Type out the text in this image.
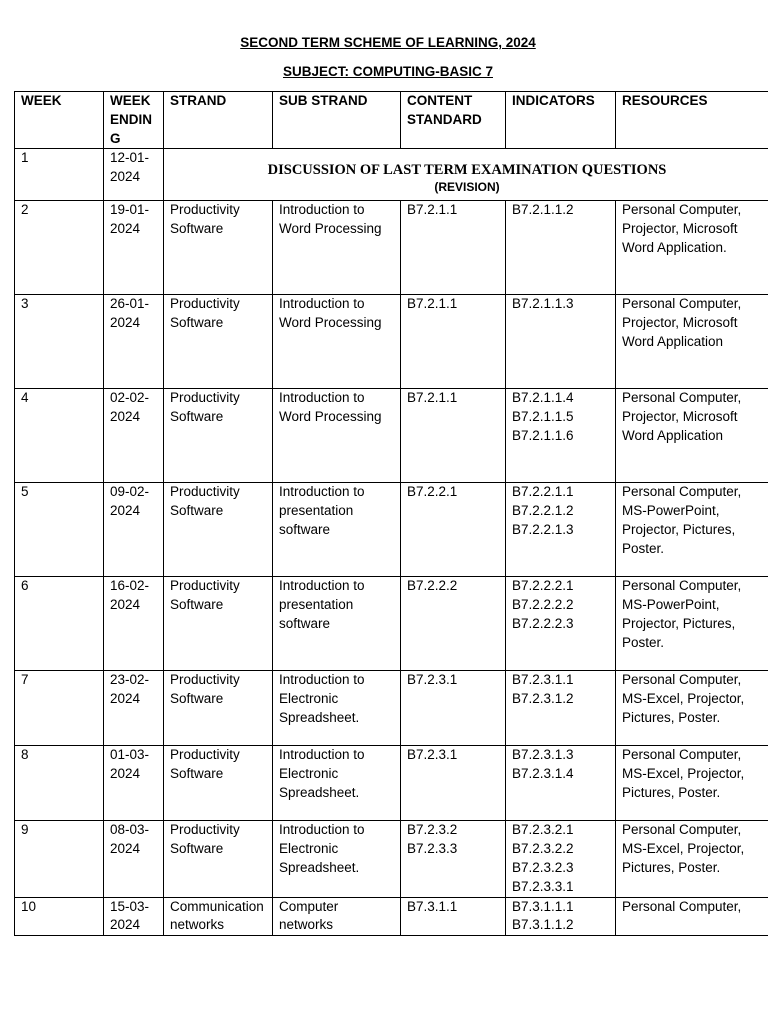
SECOND TERM SCHEME OF LEARNING, 2024
SUBJECT: COMPUTING-BASIC 7
WEEK	WEEK ENDING	STRAND	SUB STRAND	CONTENT STANDARD	INDICATORS	RESOURCES
1	12-01-2024	DISCUSSION OF LAST TERM EXAMINATION QUESTIONS
(REVISION)				

2	19-01-2024	Productivity Software	Introduction to Word Processing	B7.2.1.1	B7.2.1.1.2	Personal Computer, Projector, Microsoft Word Application.
3	26-01-2024	Productivity Software	Introduction to Word Processing	B7.2.1.1	B7.2.1.1.3	Personal Computer, Projector, Microsoft Word Application
4	02-02-2024	Productivity Software	Introduction to Word Processing	B7.2.1.1	B7.2.1.1.4
B7.2.1.1.5
B7.2.1.1.6	Personal Computer, Projector, Microsoft Word Application
5	09-02-2024	Productivity Software	Introduction to presentation software	B7.2.2.1	B7.2.2.1.1
B7.2.2.1.2
B7.2.2.1.3	Personal Computer, MS-PowerPoint, Projector, Pictures, Poster.
6	16-02-2024	Productivity Software	Introduction to presentation software	B7.2.2.2	B7.2.2.2.1
B7.2.2.2.2
B7.2.2.2.3	Personal Computer, MS-PowerPoint, Projector, Pictures, Poster.
7	23-02-2024	Productivity Software	Introduction to Electronic Spreadsheet.	B7.2.3.1	B7.2.3.1.1
B7.2.3.1.2	Personal Computer, MS-Excel, Projector, Pictures, Poster.
8	01-03-2024	Productivity Software	Introduction to Electronic Spreadsheet.	B7.2.3.1	B7.2.3.1.3
B7.2.3.1.4	Personal Computer, MS-Excel, Projector, Pictures, Poster.
9	08-03-2024	Productivity Software	Introduction to Electronic Spreadsheet.	B7.2.3.2
B7.2.3.3	B7.2.3.2.1
B7.2.3.2.2
B7.2.3.2.3
B7.2.3.3.1	Personal Computer, MS-Excel, Projector, Pictures, Poster.
10	15-03-2024	Communication networks	Computer networks	B7.3.1.1	B7.3.1.1.1
B7.3.1.1.2	Personal Computer,
